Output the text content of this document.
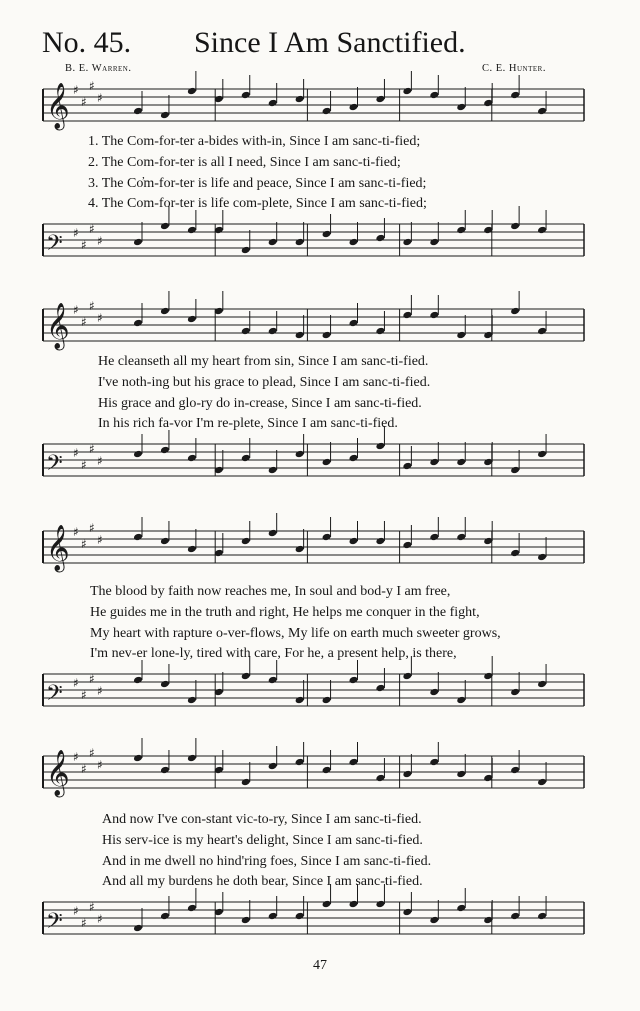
No. 45. Since I Am Sanctified.
B. E. Warren.	C. E. Hunter.
𝄞 ♯
♯
♯
♯
1. The Com-for-ter a-bides with-in, Since I am sanc-ti-fied;
2. The Com-for-ter is all I need, Since I am sanc-ti-fied;
3. The Co̓m-for-ter is life and peace, Since I am sanc-ti-fied;
4. The Com-for-ter is life com-plete, Since I am sanc-ti-fied;
𝄢 ♯
♯
♯
♯
𝄞 ♯
♯
♯
♯
He cleanseth all my heart from sin, Since I am sanc-ti-fied.
I've noth-ing but his grace to plead, Since I am sanc-ti-fied.
His grace and glo-ry do in-crease, Since I am sanc-ti-fied.
In his rich fa-vor I'm re-plete, Since I am sanc-ti-fied.
𝄢 ♯
♯
♯
♯
𝄞 ♯
♯
♯
♯
The blood by faith now reaches me, In soul and bod-y I am free,
He guides me in the truth and right, He helps me conquer in the fight,
My heart with rapture o-ver-flows, My life on earth much sweeter grows,
I'm nev-er lone-ly, tired with care, For he, a present help, is there,
𝄢 ♯
♯
♯
♯
𝄞 ♯
♯
♯
♯
And now I've con-stant vic-to-ry, Since I am sanc-ti-fied.
His serv-ice is my heart's delight, Since I am sanc-ti-fied.
And in me dwell no hind'ring foes, Since I am sanc-ti-fied.
And all my burdens he doth bear, Since I am sanc-ti-fied.
𝄢 ♯
♯
♯
♯
47
